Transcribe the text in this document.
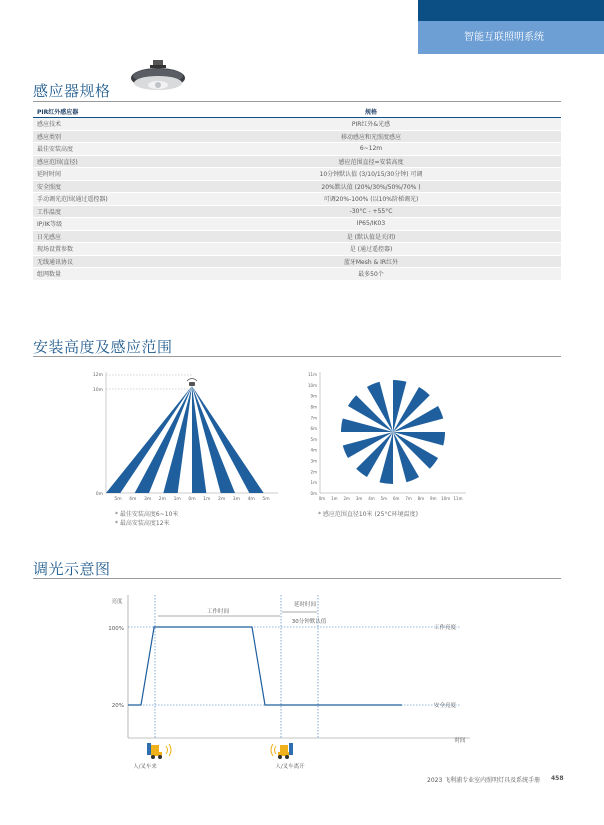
智能互联照明系统
感应器规格
PIR红外感应器	规格
感应技术	PIR红外&光感
感应类别	移动感应和光照度感应
最佳安装高度	6~12m
感应范围(直径)	感应范围直径=安装高度
延时时间	10分钟默认值 (3/10/15/30分钟) 可调
安全照度	20%默认值 (20%/30%/50%/70% )
手动调光范围(通过遥控器)	可调20%-100% (以10%阶梯调光)
工作温度	-30°C - +55°C
IP/IK等级	IP65/IK03
日光感应	是 (默认值是关闭)
现场设置参数	是 (通过遥控器)
无线通讯协议	蓝牙Mesh & IR红外
组网数量	最多50个
安装高度及感应范围
12m
10m
0m
5m 4m 3m 2m 1m 0m 1m 2m 3m 4m 5m
* 最佳安装高度6~10米
* 最高安装高度12米
11m
10m
9m
8m
7m
6m
5m
4m
3m
2m
1m
0m
0m 1m 2m 3m 4m 5m 6m 7m 8m 9m 10m 11m
* 感应范围直径10米 (25°C环境温度)
调光示意图
亮度
100%
20%
工作时间
延时时间
30分钟默认值
工作亮度
安全亮度
时间
人/叉车来	人/叉车离开
2023 飞利浦专业室内照明灯具及系统手册 458
